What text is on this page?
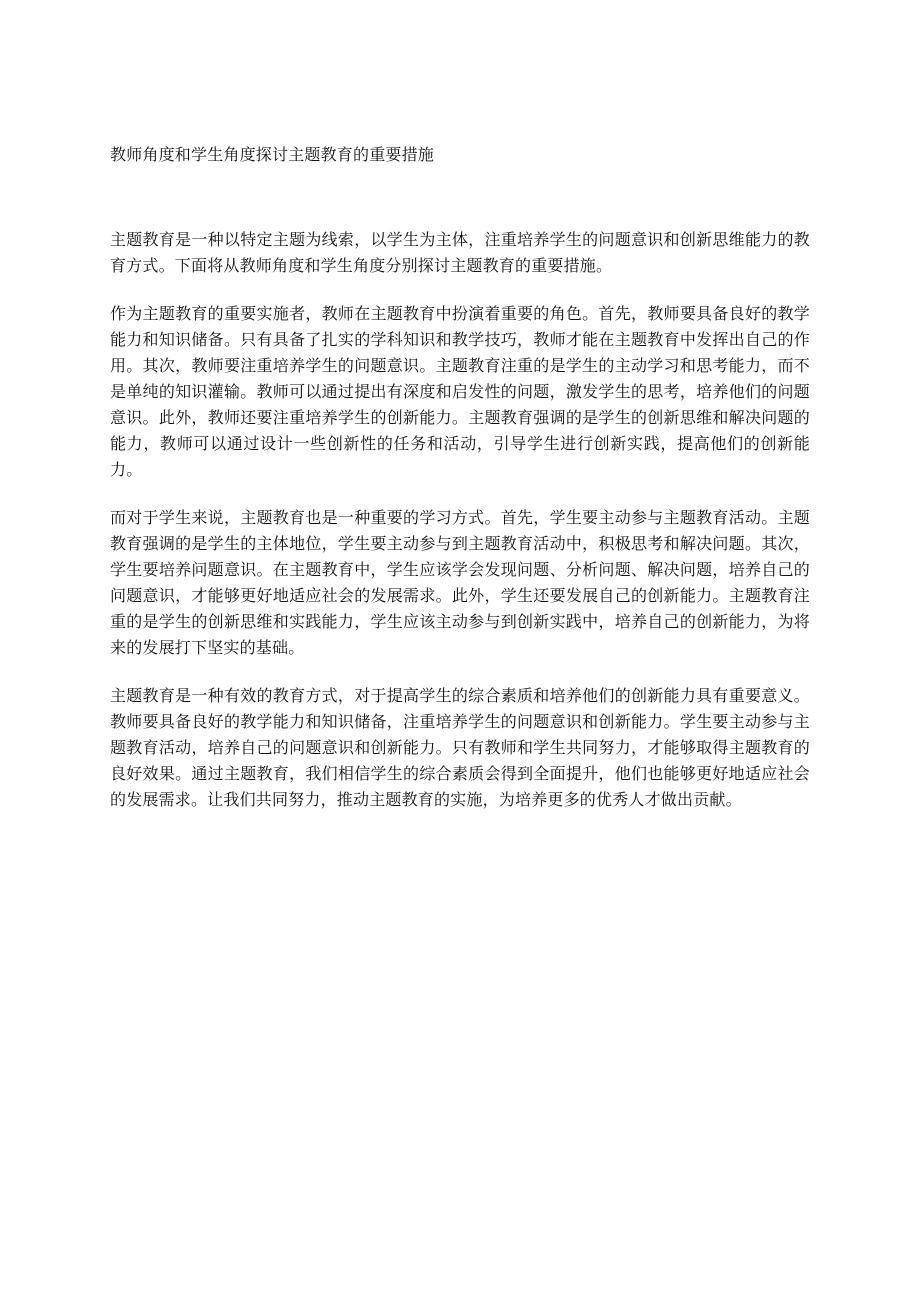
教师角度和学生角度探讨主题教育的重要措施

主题教育是一种以特定主题为线索，以学生为主体，注重培养学生的问题意识和创新思维能力的教育方式。下面将从教师角度和学生角度分别探讨主题教育的重要措施。

作为主题教育的重要实施者，教师在主题教育中扮演着重要的角色。首先，教师要具备良好的教学能力和知识储备。只有具备了扎实的学科知识和教学技巧，教师才能在主题教育中发挥出自己的作用。其次，教师要注重培养学生的问题意识。主题教育注重的是学生的主动学习和思考能力，而不是单纯的知识灌输。教师可以通过提出有深度和启发性的问题，激发学生的思考，培养他们的问题意识。此外，教师还要注重培养学生的创新能力。主题教育强调的是学生的创新思维和解决问题的能力，教师可以通过设计一些创新性的任务和活动，引导学生进行创新实践，提高他们的创新能力。

而对于学生来说，主题教育也是一种重要的学习方式。首先，学生要主动参与主题教育活动。主题教育强调的是学生的主体地位，学生要主动参与到主题教育活动中，积极思考和解决问题。其次，学生要培养问题意识。在主题教育中，学生应该学会发现问题、分析问题、解决问题，培养自己的问题意识，才能够更好地适应社会的发展需求。此外，学生还要发展自己的创新能力。主题教育注重的是学生的创新思维和实践能力，学生应该主动参与到创新实践中，培养自己的创新能力，为将来的发展打下坚实的基础。

主题教育是一种有效的教育方式，对于提高学生的综合素质和培养他们的创新能力具有重要意义。教师要具备良好的教学能力和知识储备，注重培养学生的问题意识和创新能力。学生要主动参与主题教育活动，培养自己的问题意识和创新能力。只有教师和学生共同努力，才能够取得主题教育的良好效果。通过主题教育，我们相信学生的综合素质会得到全面提升，他们也能够更好地适应社会的发展需求。让我们共同努力，推动主题教育的实施，为培养更多的优秀人才做出贡献。
